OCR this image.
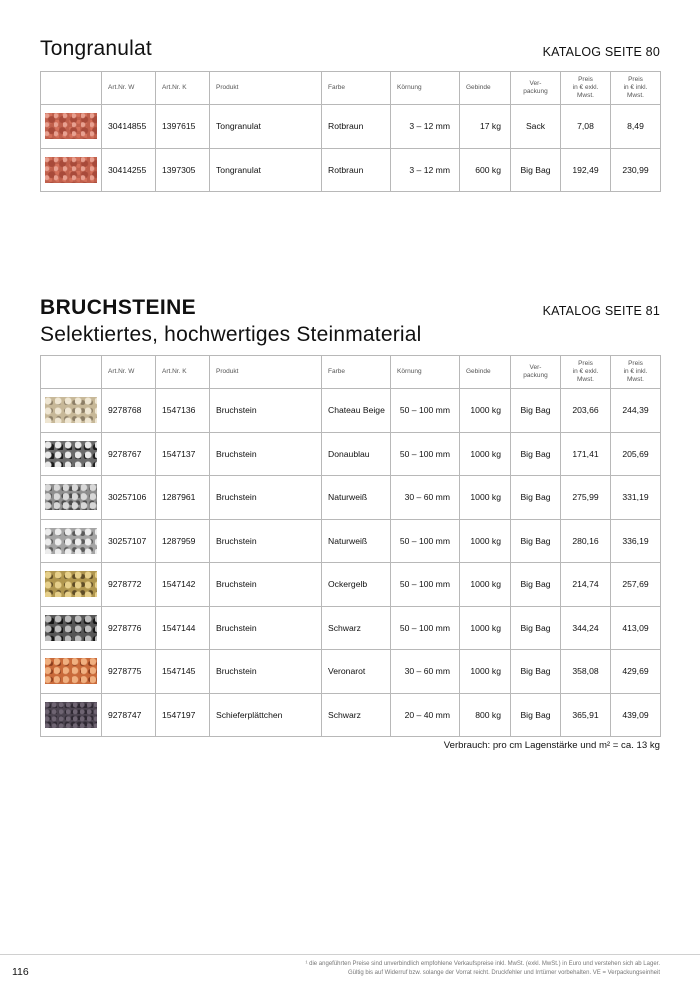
Tongranulat	KATALOG SEITE 80
	Art.Nr. W	Art.Nr. K	Produkt	Farbe	Körnung	Gebinde	Ver-
packung	Preis
in € exkl.
Mwst.	Preis
in € inkl.
Mwst.
	30414855	1397615	Tongranulat	Rotbraun	3 – 12 mm	17 kg	Sack	7,08	8,49
	30414255	1397305	Tongranulat	Rotbraun	3 – 12 mm	600 kg	Big Bag	192,49	230,99
BRUCHSTEINE	KATALOG SEITE 81
Selektiertes, hochwertiges Steinmaterial
	Art.Nr. W	Art.Nr. K	Produkt	Farbe	Körnung	Gebinde	Ver-
packung	Preis
in € exkl.
Mwst.	Preis
in € inkl.
Mwst.
	9278768	1547136	Bruchstein	Chateau Beige	50 – 100 mm	1000 kg	Big Bag	203,66	244,39
	9278767	1547137	Bruchstein	Donaublau	50 – 100 mm	1000 kg	Big Bag	171,41	205,69
	30257106	1287961	Bruchstein	Naturweiß	30 – 60 mm	1000 kg	Big Bag	275,99	331,19
	30257107	1287959	Bruchstein	Naturweiß	50 – 100 mm	1000 kg	Big Bag	280,16	336,19
	9278772	1547142	Bruchstein	Ockergelb	50 – 100 mm	1000 kg	Big Bag	214,74	257,69
	9278776	1547144	Bruchstein	Schwarz	50 – 100 mm	1000 kg	Big Bag	344,24	413,09
	9278775	1547145	Bruchstein	Veronarot	30 – 60 mm	1000 kg	Big Bag	358,08	429,69
	9278747	1547197	Schieferplättchen	Schwarz	20 – 40 mm	800 kg	Big Bag	365,91	439,09
Verbrauch: pro cm Lagenstärke und m² = ca. 13 kg
116
¹ die angeführten Preise sind unverbindlich empfohlene Verkaufspreise inkl. MwSt. (exkl. MwSt.) in Euro und verstehen sich ab Lager.
Gültig bis auf Widerruf bzw. solange der Vorrat reicht. Druckfehler und Irrtümer vorbehalten. VE = Verpackungseinheit
